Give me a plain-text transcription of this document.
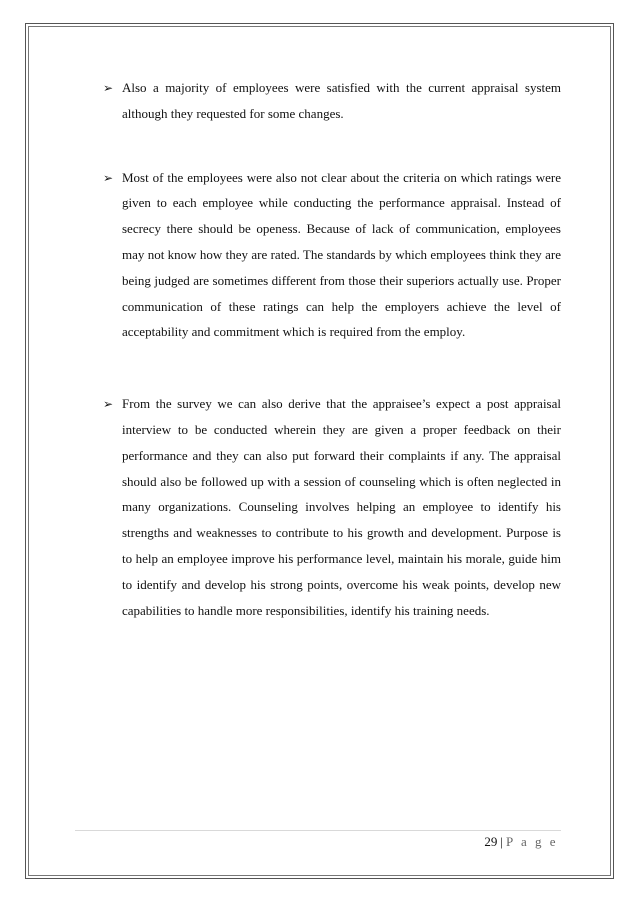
➢ Also a majority of employees were satisfied with the current appraisal system although they requested for some changes.

➢ Most of the employees were also not clear about the criteria on which ratings were given to each employee while conducting the performance appraisal. Instead of secrecy there should be openess. Because of lack of communication, employees may not know how they are rated. The standards by which employees think they are being judged are sometimes different from those their superiors actually use. Proper communication of these ratings can help the employers achieve the level of acceptability and commitment which is required from the employ.

➢ From the survey we can also derive that the appraisee’s expect a post appraisal interview to be conducted wherein they are given a proper feedback on their performance and they can also put forward their complaints if any. The appraisal should also be followed up with a session of counseling which is often neglected in many organizations. Counseling involves helping an employee to identify his strengths and weaknesses to contribute to his growth and development. Purpose is to help an employee improve his performance level, maintain his morale, guide him to identify and develop his strong points, overcome his weak points, develop new capabilities to handle more responsibilities, identify his training needs.

29 | P a g e
